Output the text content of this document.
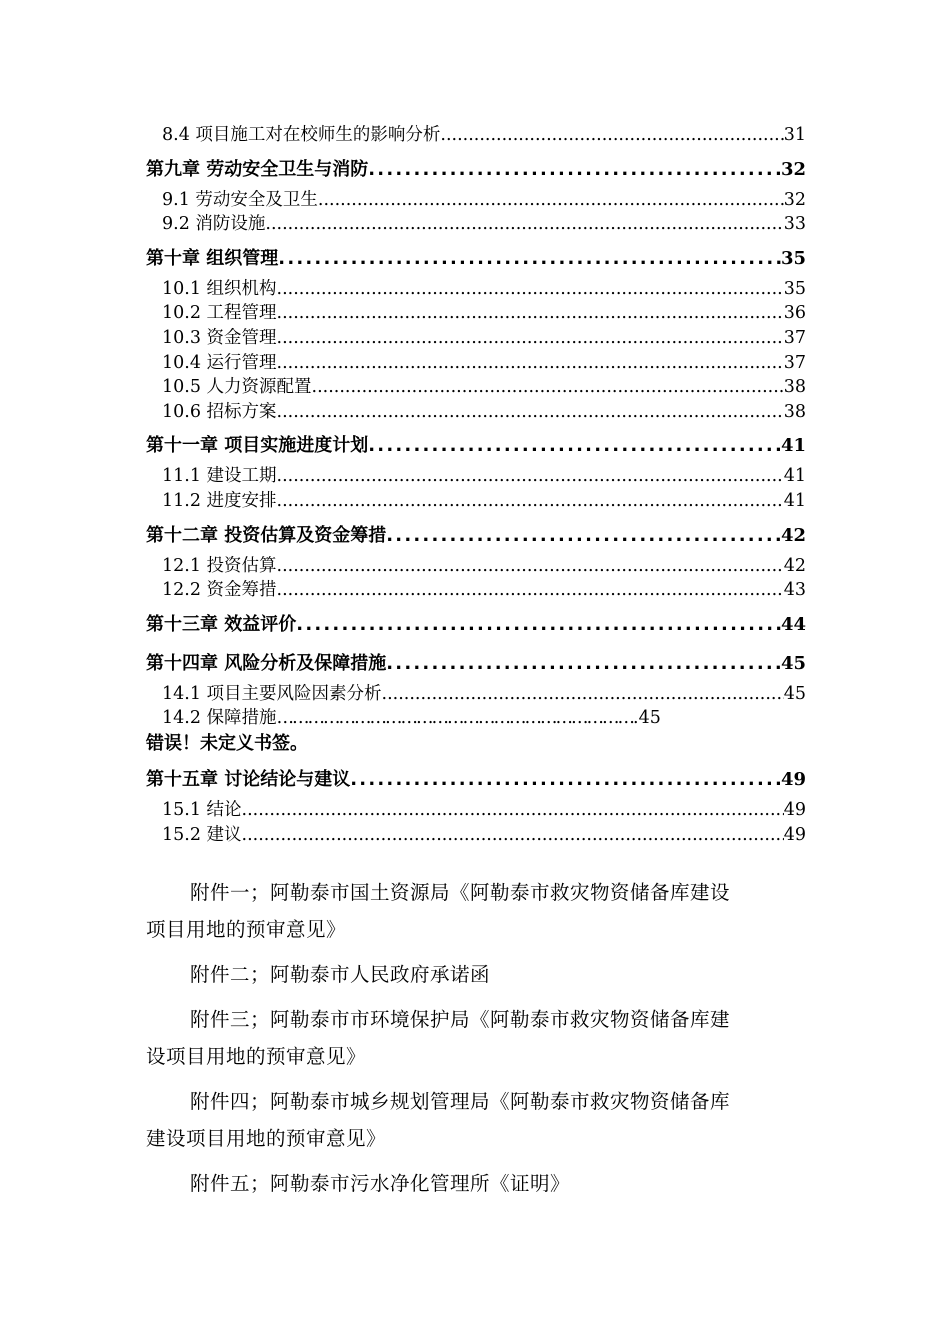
8.4 项目施工对在校师生的影响分析 .....	31
第九章 劳动安全卫生与消防 .....	32
9.1 劳动安全及卫生 .....	32
9.2 消防设施 .....	33
第十章 组织管理 .....	35
10.1 组织机构 .....	35
10.2 工程管理 .....	36
10.3 资金管理 .....	37
10.4 运行管理 .....	37
10.5 人力资源配置 .....	38
10.6 招标方案 .....	38
第十一章 项目实施进度计划 .....	41
11.1 建设工期 .....	41
11.2 进度安排 .....	41
第十二章 投资估算及资金筹措 .....	42
12.1 投资估算 .....	42
12.2 资金筹措 .....	43
第十三章 效益评价 .....	44
第十四章 风险分析及保障措施 .....	45
14.1 项目主要风险因素分析 .....	45
14.2 保障措施…………………………………………………………….45
错误！未定义书签。
第十五章 讨论结论与建议 .....	49
15.1 结论 .....	49
15.2 建议 .....	49
附件一；阿勒泰市国土资源局《阿勒泰市救灾物资储备库建设
项目用地的预审意见》
附件二；阿勒泰市人民政府承诺函
附件三；阿勒泰市市环境保护局《阿勒泰市救灾物资储备库建
设项目用地的预审意见》
附件四；阿勒泰市城乡规划管理局《阿勒泰市救灾物资储备库
建设项目用地的预审意见》
附件五；阿勒泰市污水净化管理所《证明》
